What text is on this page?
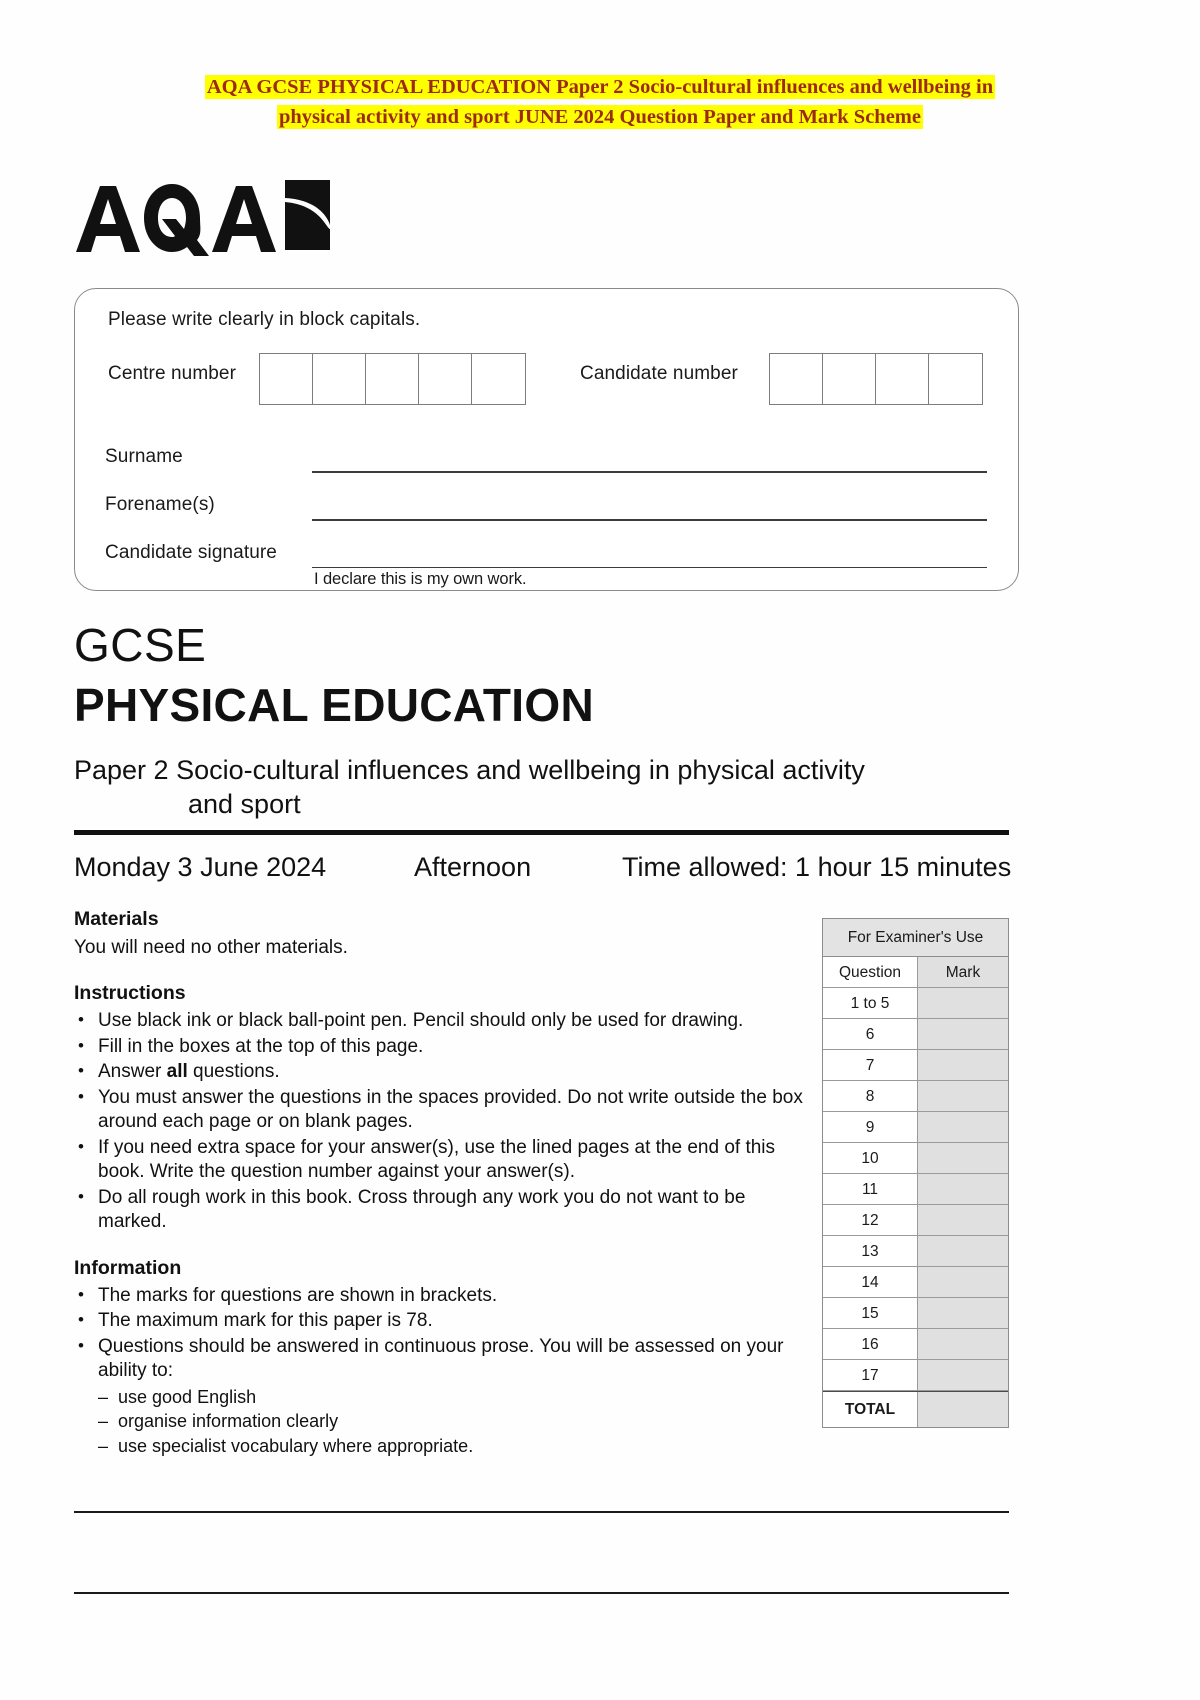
AQA GCSE PHYSICAL EDUCATION Paper 2 Socio-cultural influences and wellbeing in
physical activity and sport JUNE 2024 Question Paper and Mark Scheme
Please write clearly in block capitals.
Centre number	Candidate number
Surname
Forename(s)
Candidate signature
I declare this is my own work.
GCSE
PHYSICAL EDUCATION
Paper 2 Socio-cultural influences and wellbeing in physical activity
and sport
Monday 3 June 2024	Afternoon	Time allowed: 1 hour 15 minutes
Materials

You will need no other materials.

Instructions
• Use black ink or black ball-point pen. Pencil should only be used for drawing.
• Fill in the boxes at the top of this page.
• Answer all questions.
• You must answer the questions in the spaces provided. Do not write outside the box around each page or on blank pages.
• If you need extra space for your answer(s), use the lined pages at the end of this book. Write the question number against your answer(s).
• Do all rough work in this book. Cross through any work you do not want to be marked.
Information
• The marks for questions are shown in brackets.
• The maximum mark for this paper is 78.
• Questions should be answered in continuous prose. You will be assessed on your ability to:
– use good English
– organise information clearly
– use specialist vocabulary where appropriate.
For Examiner's Use
Question	Mark
1 to 5
6
7
8
9
10
11
12
13
14
15
16
17
TOTAL
